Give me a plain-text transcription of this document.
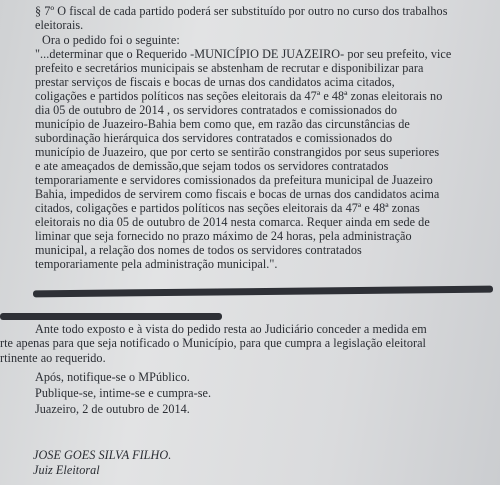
§ 7º O fiscal de cada partido poderá ser substituído por outro no curso dos trabalhos
eleitorais.
Ora o pedido foi o seguinte:
"...determinar que o Requerido -MUNICÍPIO DE JUAZEIRO- por seu prefeito, vice
prefeito e secretários municipais se abstenham de recrutar e disponibilizar para
prestar serviços de fiscais e bocas de urnas dos candidatos acima citados,
coligações e partidos políticos nas seções eleitorais da 47ª e 48ª zonas eleitorais no
dia 05 de outubro de 2014 , os servidores contratados e comissionados do
município de Juazeiro-Bahia bem como que, em razão das circunstâncias de
subordinação hierárquica dos servidores contratados e comissionados do
município de Juazeiro, que por certo se sentirão constrangidos por seus superiores
e ate ameaçados de demissão,que sejam todos os servidores contratados
temporariamente e servidores comissionados da prefeitura municipal de Juazeiro
Bahia, impedidos de servirem como fiscais e bocas de urnas dos candidatos acima
citados, coligações e partidos políticos nas seções eleitorais da 47ª e 48ª zonas
eleitorais no dia 05 de outubro de 2014 nesta comarca. Requer ainda em sede de
liminar que seja fornecido no prazo máximo de 24 horas, pela administração
municipal, a relação dos nomes de todos os servidores contratados
temporariamente pela administração municipal.".
Ante todo exposto e à vista do pedido resta ao Judiciário conceder a medida em
rte apenas para que seja notificado o Município, para que cumpra a legislação eleitoral
rtinente ao requerido.
Após, notifique-se o MPúblico.
Publique-se, intime-se e cumpra-se.
Juazeiro, 2 de outubro de 2014.
JOSE GOES SILVA FILHO.
Juiz Eleitoral
